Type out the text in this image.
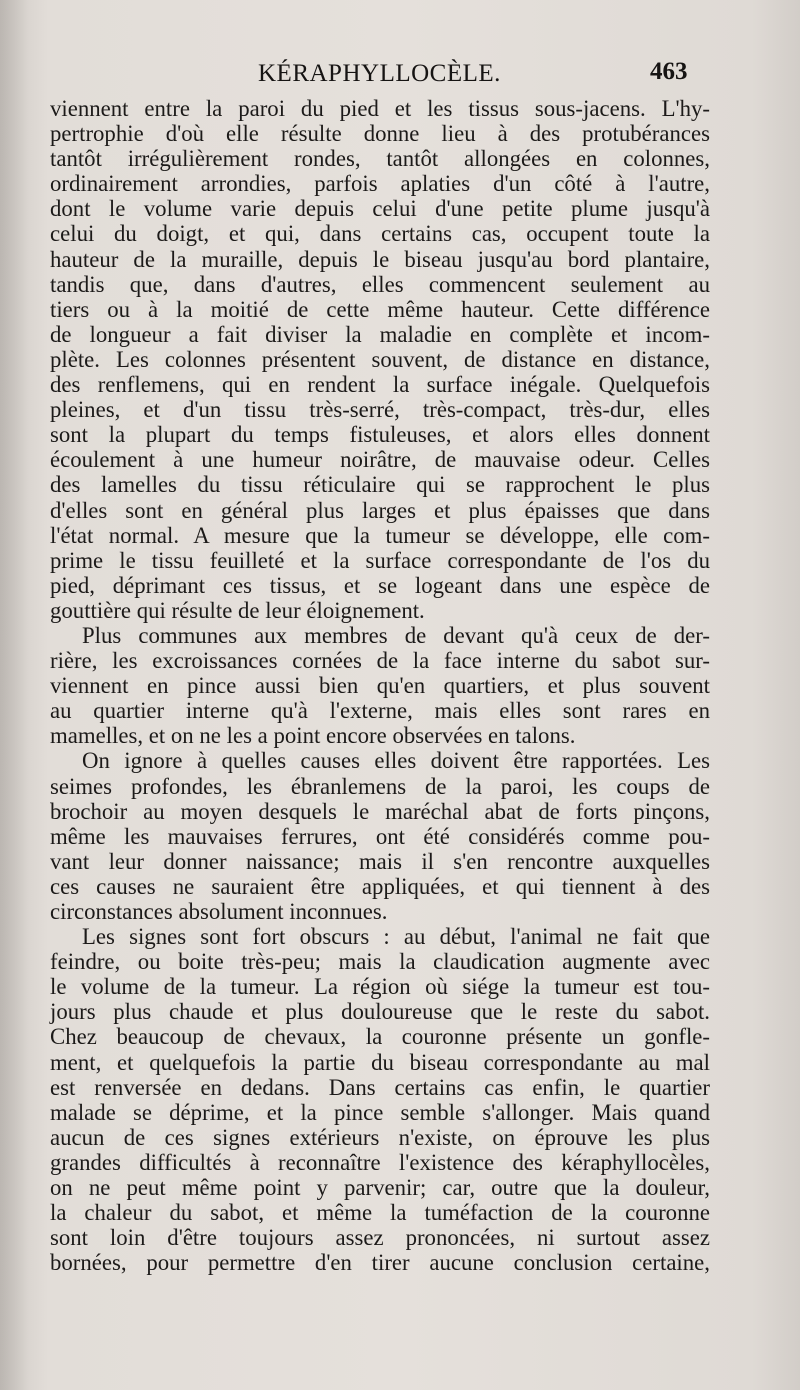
KÉRAPHYLLOCÈLE.	463
viennent entre la paroi du pied et les tissus sous-jacens. L'hy-
pertrophie d'où elle résulte donne lieu à des protubérances
tantôt irrégulièrement rondes, tantôt allongées en colonnes,
ordinairement arrondies, parfois aplaties d'un côté à l'autre,
dont le volume varie depuis celui d'une petite plume jusqu'à
celui du doigt, et qui, dans certains cas, occupent toute la
hauteur de la muraille, depuis le biseau jusqu'au bord plantaire,
tandis que, dans d'autres, elles commencent seulement au
tiers ou à la moitié de cette même hauteur. Cette différence
de longueur a fait diviser la maladie en complète et incom-
plète. Les colonnes présentent souvent, de distance en distance,
des renflemens, qui en rendent la surface inégale. Quelquefois
pleines, et d'un tissu très-serré, très-compact, très-dur, elles
sont la plupart du temps fistuleuses, et alors elles donnent
écoulement à une humeur noirâtre, de mauvaise odeur. Celles
des lamelles du tissu réticulaire qui se rapprochent le plus
d'elles sont en général plus larges et plus épaisses que dans
l'état normal. A mesure que la tumeur se développe, elle com-
prime le tissu feuilleté et la surface correspondante de l'os du
pied, déprimant ces tissus, et se logeant dans une espèce de
gouttière qui résulte de leur éloignement.
Plus communes aux membres de devant qu'à ceux de der-
rière, les excroissances cornées de la face interne du sabot sur-
viennent en pince aussi bien qu'en quartiers, et plus souvent
au quartier interne qu'à l'externe, mais elles sont rares en
mamelles, et on ne les a point encore observées en talons.
On ignore à quelles causes elles doivent être rapportées. Les
seimes profondes, les ébranlemens de la paroi, les coups de
brochoir au moyen desquels le maréchal abat de forts pinçons,
même les mauvaises ferrures, ont été considérés comme pou-
vant leur donner naissance; mais il s'en rencontre auxquelles
ces causes ne sauraient être appliquées, et qui tiennent à des
circonstances absolument inconnues.
Les signes sont fort obscurs : au début, l'animal ne fait que
feindre, ou boite très-peu; mais la claudication augmente avec
le volume de la tumeur. La région où siége la tumeur est tou-
jours plus chaude et plus douloureuse que le reste du sabot.
Chez beaucoup de chevaux, la couronne présente un gonfle-
ment, et quelquefois la partie du biseau correspondante au mal
est renversée en dedans. Dans certains cas enfin, le quartier
malade se déprime, et la pince semble s'allonger. Mais quand
aucun de ces signes extérieurs n'existe, on éprouve les plus
grandes difficultés à reconnaître l'existence des kéraphyllocèles,
on ne peut même point y parvenir; car, outre que la douleur,
la chaleur du sabot, et même la tuméfaction de la couronne
sont loin d'être toujours assez prononcées, ni surtout assez
bornées, pour permettre d'en tirer aucune conclusion certaine,
